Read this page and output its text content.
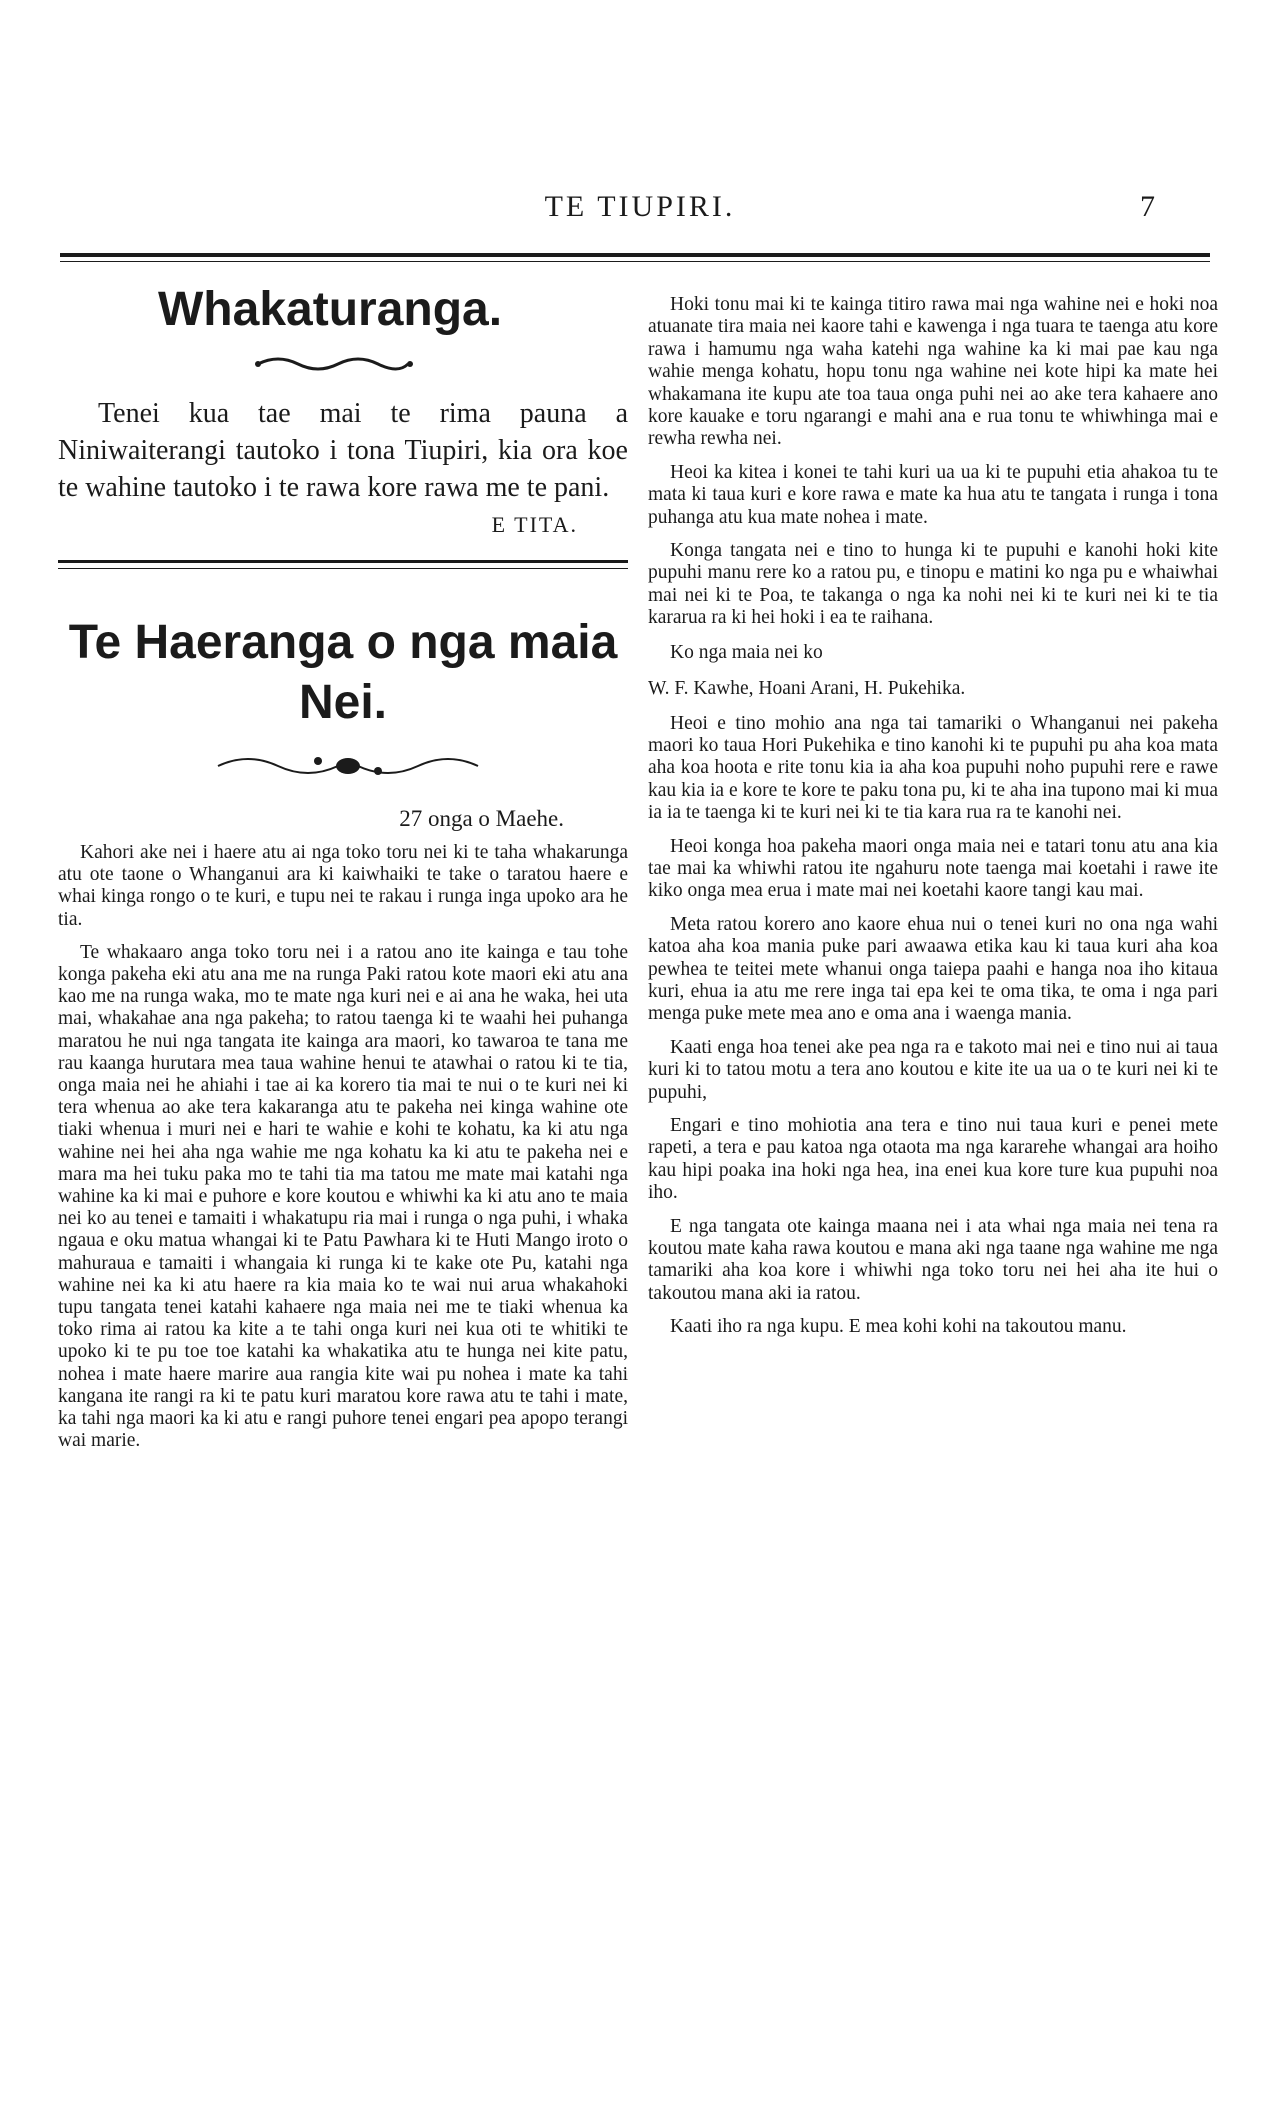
TE TIUPIRI.	7
Whakaturanga.

Tenei kua tae mai te rima pauna a Niniwaiterangi tautoko i tona Tiupiri, kia ora koe te wahine tautoko i te rawa kore rawa me te pani.

E TITA.
Te Haeranga o nga maia Nei.
27 onga o Maehe.

Kahori ake nei i haere atu ai nga toko toru nei ki te taha whakarunga atu ote taone o Whanganui ara ki kaiwhaiki te take o taratou haere e whai kinga rongo o te kuri, e tupu nei te rakau i runga inga upoko ara he tia.

Te whakaaro anga toko toru nei i a ratou ano ite kainga e tau tohe konga pakeha eki atu ana me na runga Paki ratou kote maori eki atu ana kao me na runga waka, mo te mate nga kuri nei e ai ana he waka, hei uta mai, whakahae ana nga pakeha; to ratou taenga ki te waahi hei puhanga maratou he nui nga tangata ite kainga ara maori, ko tawaroa te tana me rau kaanga hurutara mea taua wahine henui te atawhai o ratou ki te tia, onga maia nei he ahiahi i tae ai ka korero tia mai te nui o te kuri nei ki tera whenua ao ake tera kakaranga atu te pakeha nei kinga wahine ote tiaki whenua i muri nei e hari te wahie e kohi te kohatu, ka ki atu nga wahine nei hei aha nga wahie me nga kohatu ka ki atu te pakeha nei e mara ma hei tuku paka mo te tahi tia ma tatou me mate mai katahi nga wahine ka ki mai e puhore e kore koutou e whiwhi ka ki atu ano te maia nei ko au tenei e tamaiti i whakatupu ria mai i runga o nga puhi, i whaka ngaua e oku matua whangai ki te Patu Pawhara ki te Huti Mango iroto o mahuraua e tamaiti i whangaia ki runga ki te kake ote Pu, katahi nga wahine nei ka ki atu haere ra kia maia ko te wai nui arua whakahoki tupu tangata tenei katahi kahaere nga maia nei me te tiaki whenua ka toko rima ai ratou ka kite a te tahi onga kuri nei kua oti te whitiki te upoko ki te pu toe toe katahi ka whakatika atu te hunga nei kite patu, nohea i mate haere marire aua rangia kite wai pu nohea i mate ka tahi kangana ite rangi ra ki te patu kuri maratou kore rawa atu te tahi i mate, ka tahi nga maori ka ki atu e rangi puhore tenei engari pea apopo terangi wai marie.

Hoki tonu mai ki te kainga titiro rawa mai nga wahine nei e hoki noa atuanate tira maia nei kaore tahi e kawenga i nga tuara te taenga atu kore rawa i hamumu nga waha katehi nga wahine ka ki mai pae kau nga wahie menga kohatu, hopu tonu nga wahine nei kote hipi ka mate hei whakamana ite kupu ate toa taua onga puhi nei ao ake tera kahaere ano kore kauake e toru ngarangi e mahi ana e rua tonu te whiwhinga mai e rewha rewha nei.

Heoi ka kitea i konei te tahi kuri ua ua ki te pupuhi etia ahakoa tu te mata ki taua kuri e kore rawa e mate ka hua atu te tangata i runga i tona puhanga atu kua mate nohea i mate.

Konga tangata nei e tino to hunga ki te pupuhi e kanohi hoki kite pupuhi manu rere ko a ratou pu, e tinopu e matini ko nga pu e whaiwhai mai nei ki te Poa, te takanga o nga ka nohi nei ki te kuri nei ki te tia kararua ra ki hei hoki i ea te raihana.

Ko nga maia nei ko

W. F. Kawhe, Hoani Arani, H. Pukehika.

Heoi e tino mohio ana nga tai tamariki o Whanganui nei pakeha maori ko taua Hori Pukehika e tino kanohi ki te pupuhi pu aha koa mata aha koa hoota e rite tonu kia ia aha koa pupuhi noho pupuhi rere e rawe kau kia ia e kore te kore te paku tona pu, ki te aha ina tupono mai ki mua ia ia te taenga ki te kuri nei ki te tia kara rua ra te kanohi nei.

Heoi konga hoa pakeha maori onga maia nei e tatari tonu atu ana kia tae mai ka whiwhi ratou ite ngahuru note taenga mai koetahi i rawe ite kiko onga mea erua i mate mai nei koetahi kaore tangi kau mai.

Meta ratou korero ano kaore ehua nui o tenei kuri no ona nga wahi katoa aha koa mania puke pari awaawa etika kau ki taua kuri aha koa pewhea te teitei mete whanui onga taiepa paahi e hanga noa iho kitaua kuri, ehua ia atu me rere inga tai epa kei te oma tika, te oma i nga pari menga puke mete mea ano e oma ana i waenga mania.

Kaati enga hoa tenei ake pea nga ra e takoto mai nei e tino nui ai taua kuri ki to tatou motu a tera ano koutou e kite ite ua ua o te kuri nei ki te pupuhi,

Engari e tino mohiotia ana tera e tino nui taua kuri e penei mete rapeti, a tera e pau katoa nga otaota ma nga kararehe whangai ara hoiho kau hipi poaka ina hoki nga hea, ina enei kua kore ture kua pupuhi noa iho.

E nga tangata ote kainga maana nei i ata whai nga maia nei tena ra koutou mate kaha rawa koutou e mana aki nga taane nga wahine me nga tamariki aha koa kore i whiwhi nga toko toru nei hei aha ite hui o takoutou mana aki ia ratou.

Kaati iho ra nga kupu. E mea kohi kohi na takoutou manu.
